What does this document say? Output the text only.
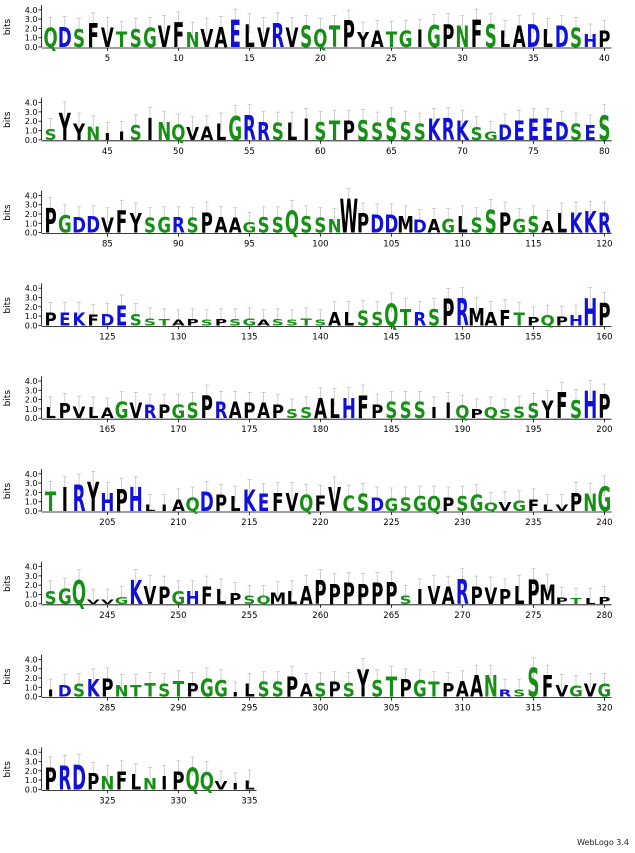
bits
0.0
1.0
2.0
3.0
4.0
Q D S F V
5
T S G V F
10
N V A E L
15
V R V S Q
20
T P Y A T
25
G I G P N
30
F S L A D
35
L D S H P
40
bits
0.0
1.0
2.0
3.0
4.0
S Y Y N I
45
I S I N Q
50
V A L G R
55
R S L I S
60
T P S S S
65
S S K R K
70
S G D E E
75
E D S E S
80
bits
0.0
1.0
2.0
3.0
4.0
P G D D V
85
F Y S G R
90
S P A A G
95
S S Q S S
100
N
W
P D D
105
M
D A G L
110
S S P G S
115
A L K K R
120
bits
0.0
1.0
2.0
3.0
4.0
P E K F D
125
E S S T A
130
P S P S G
135
A S S T S
140
A L S S Q
145
T R S P R
150
M A F T P
155
Q P H H P
160
bits
0.0
1.0
2.0
3.0
4.0
L P V L A
165
G V R P G
170
S P R A P
175
A P S S A
180
L H F P S
185
S S I I Q
190
P Q S S S
195
Y F S H P
200
bits
0.0
1.0
2.0
3.0
4.0
T I R Y H
205
P H L I A
210
Q D P L K
215
E F V Q F
220
V C S D G
225
S G Q P S
230
G Q V G F
235
L V P N G
240
bits
0.0
1.0
2.0
3.0
4.0
S G Q V V
245
G K V P G
250
H F L P S
255
Q
M L A P
260
P P P P P
265
S I V A R
270
P V P L P
275
M P T L P
280
bits
0.0
1.0
2.0
3.0
4.0
I D S K P
285
N T T S T
290
P G G I L
295
S S P A S
300
P S Y S T
305
P G T P A
310
A N R S S
315
F V G V G
320
bits
0.0
1.0
2.0
3.0
4.0
P R D P N
325
F L N I P
330
Q Q V I L
335
WebLogo 3.4
